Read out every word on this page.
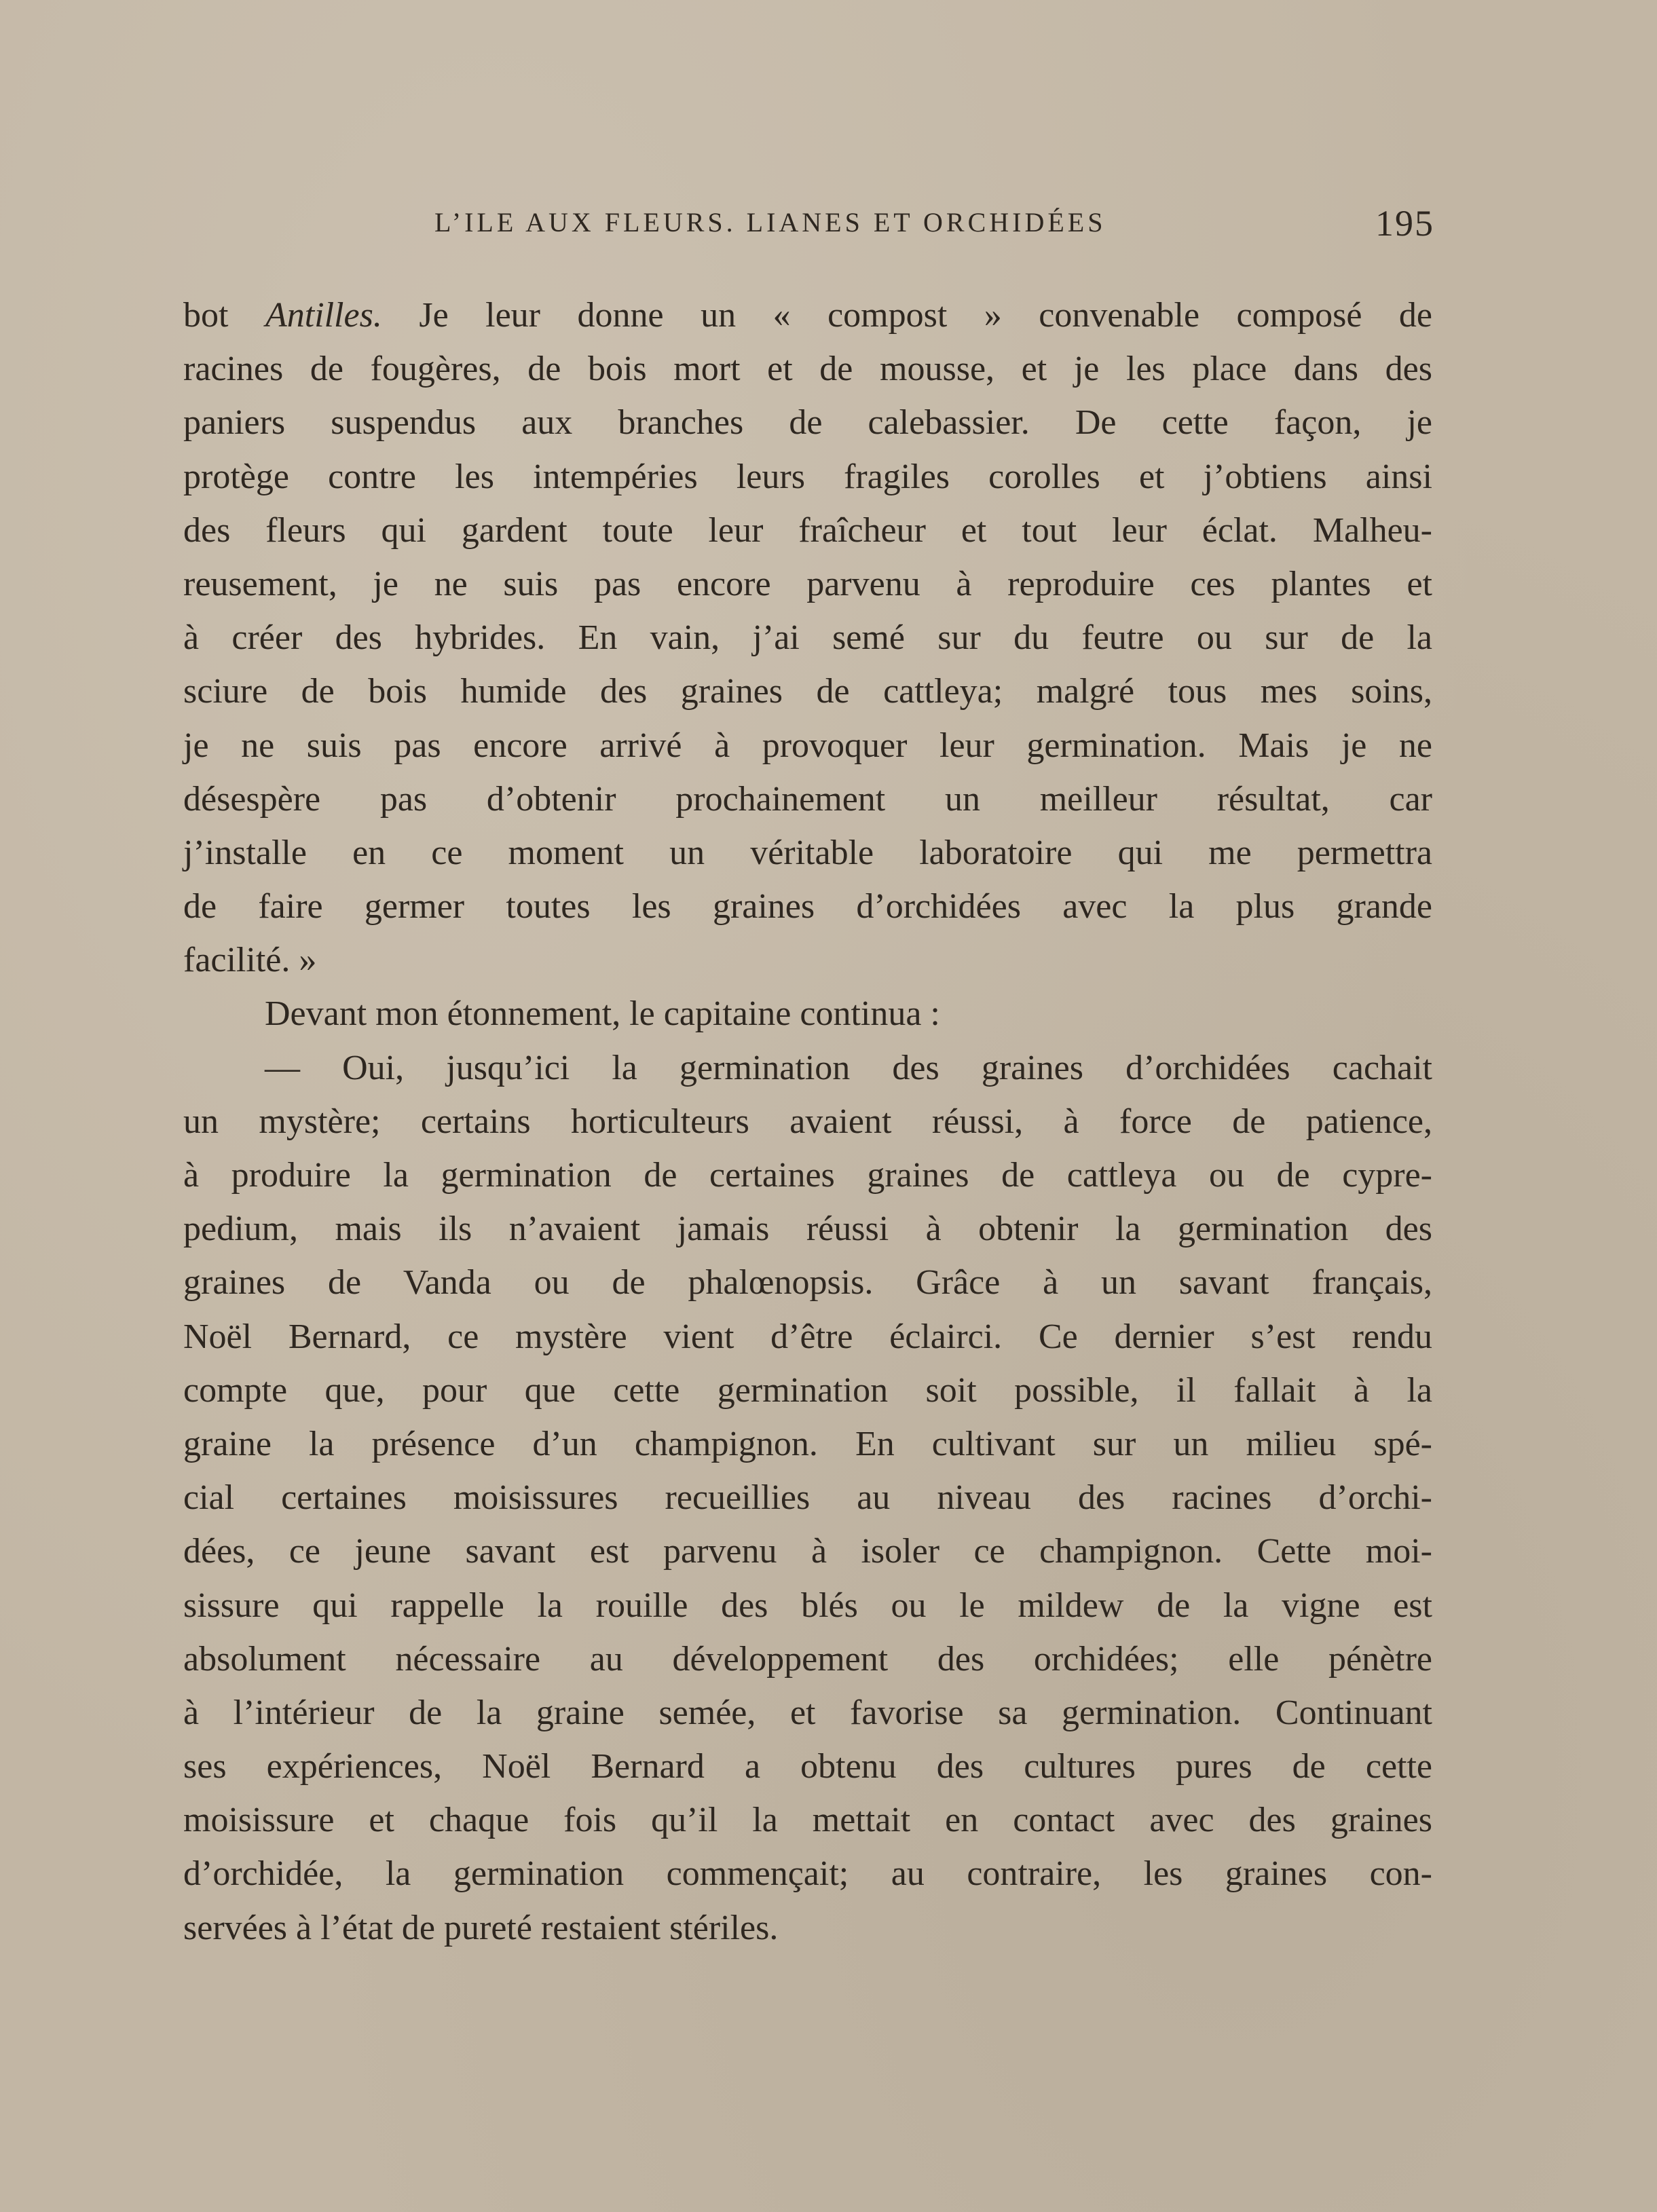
L’ILE AUX FLEURS. LIANES ET ORCHIDÉES	195
bot Antilles. Je leur donne un « compost » convenable composé de
racines de fougères, de bois mort et de mousse, et je les place dans des
paniers suspendus aux branches de calebassier. De cette façon, je
protège contre les intempéries leurs fragiles corolles et j’obtiens ainsi
des fleurs qui gardent toute leur fraîcheur et tout leur éclat. Malheu-
reusement, je ne suis pas encore parvenu à reproduire ces plantes et
à créer des hybrides. En vain, j’ai semé sur du feutre ou sur de la
sciure de bois humide des graines de cattleya; malgré tous mes soins,
je ne suis pas encore arrivé à provoquer leur germination. Mais je ne
désespère pas d’obtenir prochainement un meilleur résultat, car
j’installe en ce moment un véritable laboratoire qui me permettra
de faire germer toutes les graines d’orchidées avec la plus grande
facilité. »
Devant mon étonnement, le capitaine continua :
— Oui, jusqu’ici la germination des graines d’orchidées cachait
un mystère; certains horticulteurs avaient réussi, à force de patience,
à produire la germination de certaines graines de cattleya ou de cypre-
pedium, mais ils n’avaient jamais réussi à obtenir la germination des
graines de Vanda ou de phalœnopsis. Grâce à un savant français,
Noël Bernard, ce mystère vient d’être éclairci. Ce dernier s’est rendu
compte que, pour que cette germination soit possible, il fallait à la
graine la présence d’un champignon. En cultivant sur un milieu spé-
cial certaines moisissures recueillies au niveau des racines d’orchi-
dées, ce jeune savant est parvenu à isoler ce champignon. Cette moi-
sissure qui rappelle la rouille des blés ou le mildew de la vigne est
absolument nécessaire au développement des orchidées; elle pénètre
à l’intérieur de la graine semée, et favorise sa germination. Continuant
ses expériences, Noël Bernard a obtenu des cultures pures de cette
moisissure et chaque fois qu’il la mettait en contact avec des graines
d’orchidée, la germination commençait; au contraire, les graines con-
servées à l’état de pureté restaient stériles.
